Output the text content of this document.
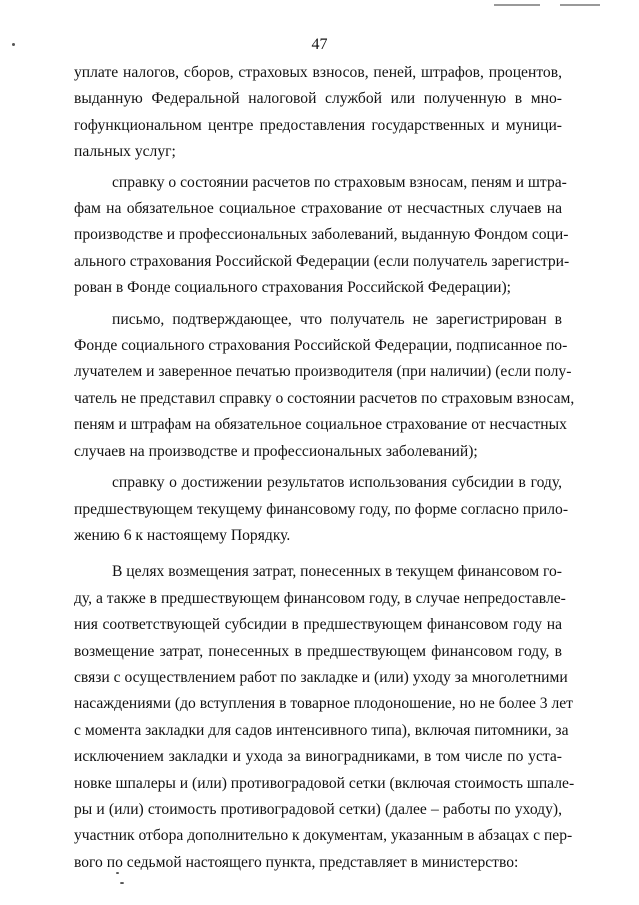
47
уплате налогов, сборов, страховых взносов, пеней, штрафов, процентов,
выданную Федеральной налоговой службой или полученную в мно-
гофункциональном центре предоставления государственных и муници-
пальных услуг;
справку о состоянии расчетов по страховым взносам, пеням и штра-
фам на обязательное социальное страхование от несчастных случаев на
производстве и профессиональных заболеваний, выданную Фондом соци-
ального страхования Российской Федерации (если получатель зарегистри-
рован в Фонде социального страхования Российской Федерации);
письмо, подтверждающее, что получатель не зарегистрирован в
Фонде социального страхования Российской Федерации, подписанное по-
лучателем и заверенное печатью производителя (при наличии) (если полу-
чатель не представил справку о состоянии расчетов по страховым взносам,
пеням и штрафам на обязательное социальное страхование от несчастных
случаев на производстве и профессиональных заболеваний);
справку о достижении результатов использования субсидии в году,
предшествующем текущему финансовому году, по форме согласно прило-
жению 6 к настоящему Порядку.
В целях возмещения затрат, понесенных в текущем финансовом го-
ду, а также в предшествующем финансовом году, в случае непредоставле-
ния соответствующей субсидии в предшествующем финансовом году на
возмещение затрат, понесенных в предшествующем финансовом году, в
связи с осуществлением работ по закладке и (или) уходу за многолетними
насаждениями (до вступления в товарное плодоношение, но не более 3 лет
с момента закладки для садов интенсивного типа), включая питомники, за
исключением закладки и ухода за виноградниками, в том числе по уста-
новке шпалеры и (или) противоградовой сетки (включая стоимость шпале-
ры и (или) стоимость противоградовой сетки) (далее – работы по уходу),
участник отбора дополнительно к документам, указанным в абзацах с пер-
вого по седьмой настоящего пункта, представляет в министерство:
